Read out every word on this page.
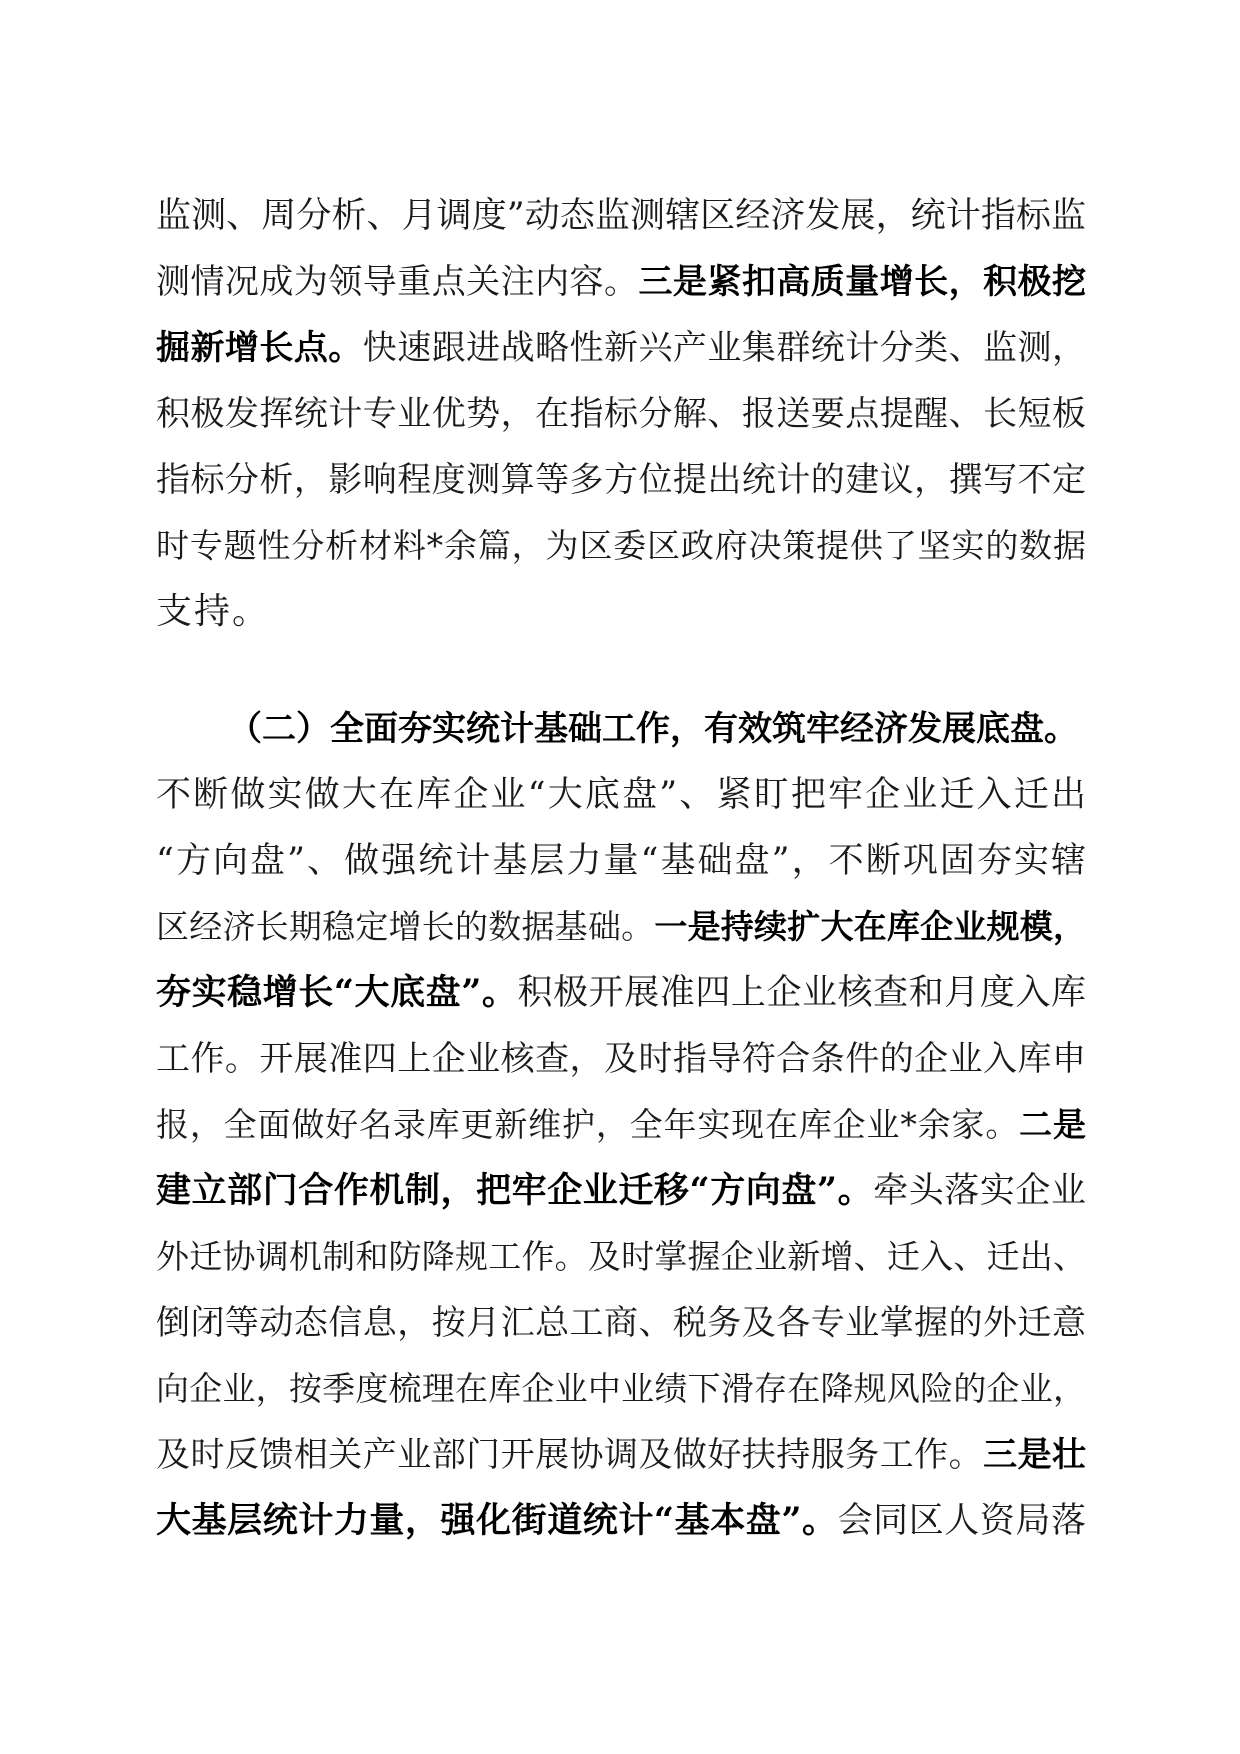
监测、周分析、月调度”动态监测辖区经济发展，统计指标监
测情况成为领导重点关注内容。三是紧扣高质量增长，积极挖
掘新增长点。快速跟进战略性新兴产业集群统计分类、监测，
积极发挥统计专业优势，在指标分解、报送要点提醒、长短板
指标分析，影响程度测算等多方位提出统计的建议，撰写不定
时专题性分析材料*余篇，为区委区政府决策提供了坚实的数据
支持。
（二）全面夯实统计基础工作，有效筑牢经济发展底盘。
不断做实做大在库企业“大底盘”、紧盯把牢企业迁入迁出
“方向盘”、做强统计基层力量“基础盘”，不断巩固夯实辖
区经济长期稳定增长的数据基础。一是持续扩大在库企业规模，
夯实稳增长“大底盘”。积极开展准四上企业核查和月度入库
工作。开展准四上企业核查，及时指导符合条件的企业入库申
报，全面做好名录库更新维护，全年实现在库企业*余家。二是
建立部门合作机制，把牢企业迁移“方向盘”。牵头落实企业
外迁协调机制和防降规工作。及时掌握企业新增、迁入、迁出、
倒闭等动态信息，按月汇总工商、税务及各专业掌握的外迁意
向企业，按季度梳理在库企业中业绩下滑存在降规风险的企业，
及时反馈相关产业部门开展协调及做好扶持服务工作。三是壮
大基层统计力量，强化街道统计“基本盘”。会同区人资局落
